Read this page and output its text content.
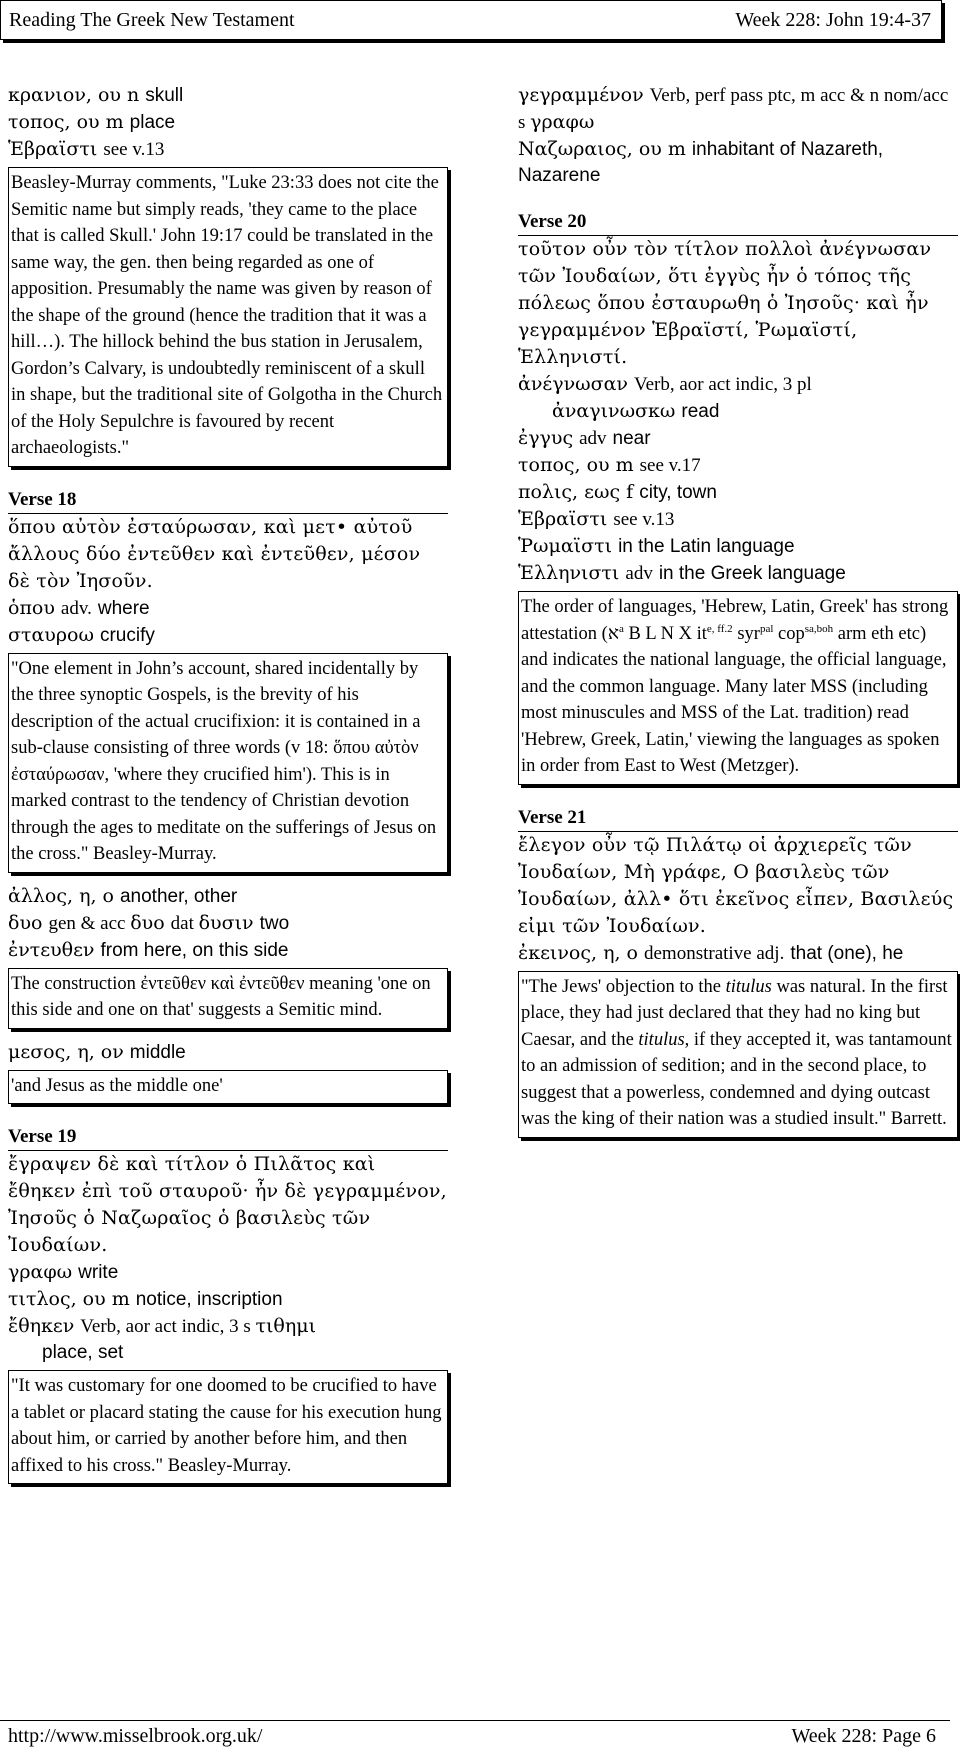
Reading The Greek New Testament	Week 228: John 19:4-37
κρανιον, ου n skull
τοπος, ου m place
Ἑβραϊστι see v.13
Beasley-Murray comments, "Luke 23:33 does not cite the Semitic name but simply reads, 'they came to the place that is called Skull.' John 19:17 could be translated in the same way, the gen. then being regarded as one of apposition. Presumably the name was given by reason of the shape of the ground (hence the tradition that it was a hill…). The hillock behind the bus station in Jerusalem, Gordon’s Calvary, is undoubtedly reminiscent of a skull in shape, but the traditional site of Golgotha in the Church of the Holy Sepulchre is favoured by recent archaeologists."
Verse 18
ὅπου αὐτὸν ἐσταύρωσαν, καὶ μετ• αὐτοῦ ἄλλους δύο ἐντεῦθεν καὶ ἐντεῦθεν, μέσον δὲ τὸν Ἰησοῦν.
ὁπου adv. where
σταυροω crucify
"One element in John’s account, shared incidentally by the three synoptic Gospels, is the brevity of his description of the actual crucifixion: it is contained in a sub-clause consisting of three words (v 18: ὅπου αὐτὸν ἐσταύρωσαν, 'where they crucified him'). This is in marked contrast to the tendency of Christian devotion through the ages to meditate on the sufferings of Jesus on the cross." Beasley-Murray.
ἀλλος, η, ο another, other
δυο gen & acc δυο dat δυσιν two
ἐντευθεν from here, on this side
The construction ἐντεῦθεν καὶ ἐντεῦθεν meaning 'one on this side and one on that' suggests a Semitic mind.
μεσος, η, ον middle
'and Jesus as the middle one'
Verse 19
ἔγραψεν δὲ καὶ τίτλον ὁ Πιλᾶτος καὶ ἔθηκεν ἐπὶ τοῦ σταυροῦ· ἦν δὲ γεγραμμένον, Ἰησοῦς ὁ Ναζωραῖος ὁ βασιλεὺς τῶν Ἰουδαίων.
γραφω write
τιτλος, ου m notice, inscription
ἔθηκεν Verb, aor act indic, 3 s τιθημι
place, set
"It was customary for one doomed to be crucified to have a tablet or placard stating the cause for his execution hung about him, or carried by another before him, and then affixed to his cross." Beasley-Murray.
γεγραμμένον Verb, perf pass ptc, m acc & n nom/acc s γραφω
Ναζωραιος, ου m inhabitant of Nazareth, Nazarene
Verse 20
τοῦτον οὖν τὸν τίτλον πολλοὶ ἀνέγνωσαν τῶν Ἰουδαίων, ὅτι ἐγγὺς ἦν ὁ τόπος τῆς πόλεως ὅπου ἐσταυρωθη ὁ Ἰησοῦς· καὶ ἦν γεγραμμένον Ἑβραϊστί, Ῥωμαϊστί, Ἑλληνιστί.
ἀνέγνωσαν Verb, aor act indic, 3 pl
ἀναγινωσκω read
ἐγγυς adv near
τοπος, ου m see v.17
πολις, εως f city, town
Ἑβραϊστι see v.13
Ῥωμαϊστι in the Latin language
Ἑλληνιστι adv in the Greek language
The order of languages, 'Hebrew, Latin, Greek' has strong attestation (א$^a$ B L N X $it^{e, ff.2}$ syr$^{pal}$ cop$^{sa,boh}$ arm eth etc) and indicates the national language, the official language, and the common language. Many later MSS (including most minuscules and MSS of the Lat. tradition) read 'Hebrew, Greek, Latin,' viewing the languages as spoken in order from East to West (Metzger).
Verse 21
ἔλεγον οὖν τῷ Πιλάτῳ οἱ ἀρχιερεῖς τῶν Ἰουδαίων, Μὴ γράφε, Ο βασιλεὺς τῶν Ἰουδαίων, ἀλλ• ὅτι ἐκεῖνος εἶπεν, Βασιλεύς εἰμι τῶν Ἰουδαίων.
ἐκεινος, η, ο demonstrative adj. that (one), he
"The Jews' objection to the titulus was natural. In the first place, they had just declared that they had no king but Caesar, and the titulus, if they accepted it, was tantamount to an admission of sedition; and in the second place, to suggest that a powerless, condemned and dying outcast was the king of their nation was a studied insult." Barrett.
http://www.misselbrook.org.uk/	Week 228: Page 6
